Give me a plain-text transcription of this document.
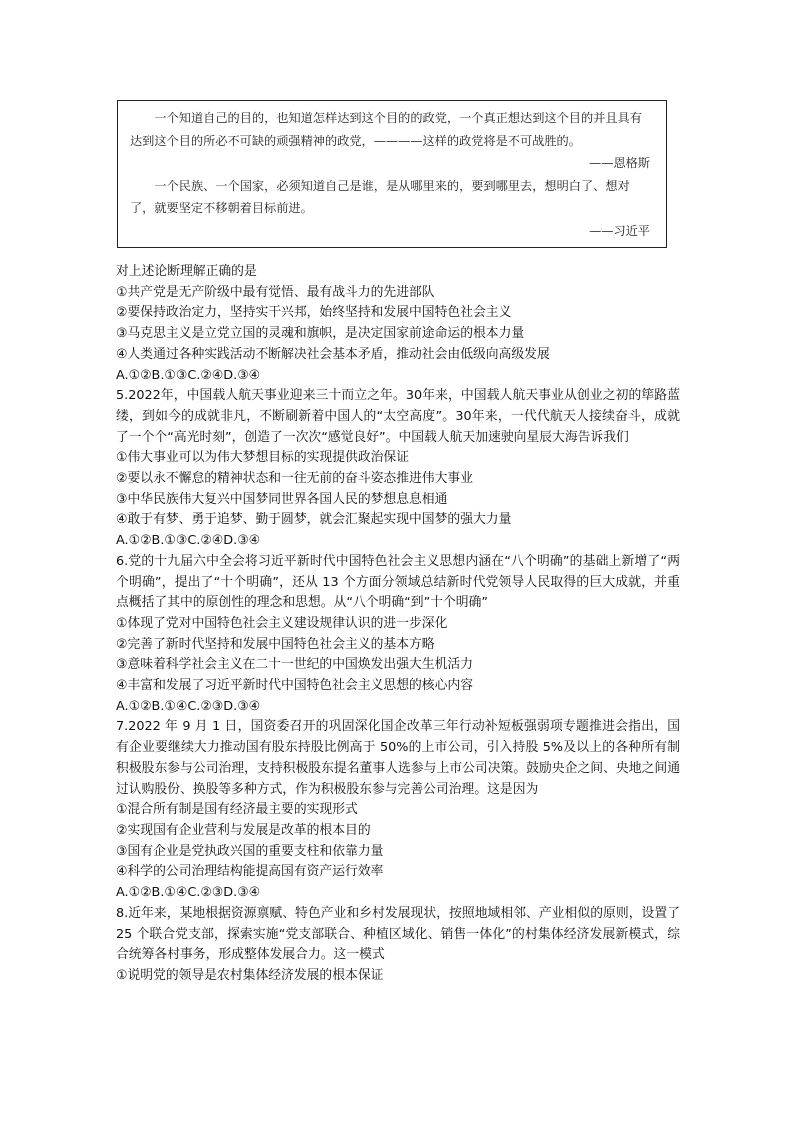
一个知道自己的目的，也知道怎样达到这个目的的政党，一个真正想达到这个目的并且具有达到这个目的所必不可缺的顽强精神的政党，————这样的政党将是不可战胜的。

——恩格斯

一个民族、一个国家，必须知道自己是谁，是从哪里来的，要到哪里去，想明白了、想对了，就要坚定不移朝着目标前进。

——习近平

对上述论断理解正确的是

①共产党是无产阶级中最有觉悟、最有战斗力的先进部队

②要保持政治定力，坚持实干兴邦，始终坚持和发展中国特色社会主义

③马克思主义是立党立国的灵魂和旗帜，是决定国家前途命运的根本力量

④人类通过各种实践活动不断解决社会基本矛盾，推动社会由低级向高级发展

A.①②B.①③C.②④D.③④

5.2022年，中国载人航天事业迎来三十而立之年。30年来，中国载人航天事业从创业之初的筚路蓝缕，到如今的成就非凡，不断刷新着中国人的“太空高度”。30年来，一代代航天人接续奋斗，成就了一个个“高光时刻”，创造了一次次“感觉良好”。中国载人航天加速驶向星辰大海告诉我们

①伟大事业可以为伟大梦想目标的实现提供政治保证

②要以永不懈怠的精神状态和一往无前的奋斗姿态推进伟大事业

③中华民族伟大复兴中国梦同世界各国人民的梦想息息相通

④敢于有梦、勇于追梦、勤于圆梦，就会汇聚起实现中国梦的强大力量

A.①②B.①③C.②④D.③④

6.党的十九届六中全会将习近平新时代中国特色社会主义思想内涵在“八个明确”的基础上新增了“两个明确”，提出了“十个明确”，还从 13 个方面分领域总结新时代党领导人民取得的巨大成就，并重点概括了其中的原创性的理念和思想。从“八个明确“到”十个明确”

①体现了党对中国特色社会主义建设规律认识的进一步深化

②完善了新时代坚持和发展中国特色社会主义的基本方略

③意味着科学社会主义在二十一世纪的中国焕发出强大生机活力

④丰富和发展了习近平新时代中国特色社会主义思想的核心内容

A.①②B.①④C.②③D.③④

7.2022 年 9 月 1 日，国资委召开的巩固深化国企改革三年行动补短板强弱项专题推进会指出，国有企业要继续大力推动国有股东持股比例高于 50%的上市公司，引入持股 5%及以上的各种所有制积极股东参与公司治理，支持积极股东提名董事人选参与上市公司决策。鼓励央企之间、央地之间通过认购股份、换股等多种方式，作为积极股东参与完善公司治理。这是因为

①混合所有制是国有经济最主要的实现形式

②实现国有企业营利与发展是改革的根本目的

③国有企业是党执政兴国的重要支柱和依靠力量

④科学的公司治理结构能提高国有资产运行效率

A.①②B.①④C.②③D.③④

8.近年来，某地根据资源禀赋、特色产业和乡村发展现状，按照地域相邻、产业相似的原则，设置了 25 个联合党支部，探索实施“党支部联合、种植区域化、销售一体化”的村集体经济发展新模式，综合统筹各村事务，形成整体发展合力。这一模式

①说明党的领导是农村集体经济发展的根本保证
